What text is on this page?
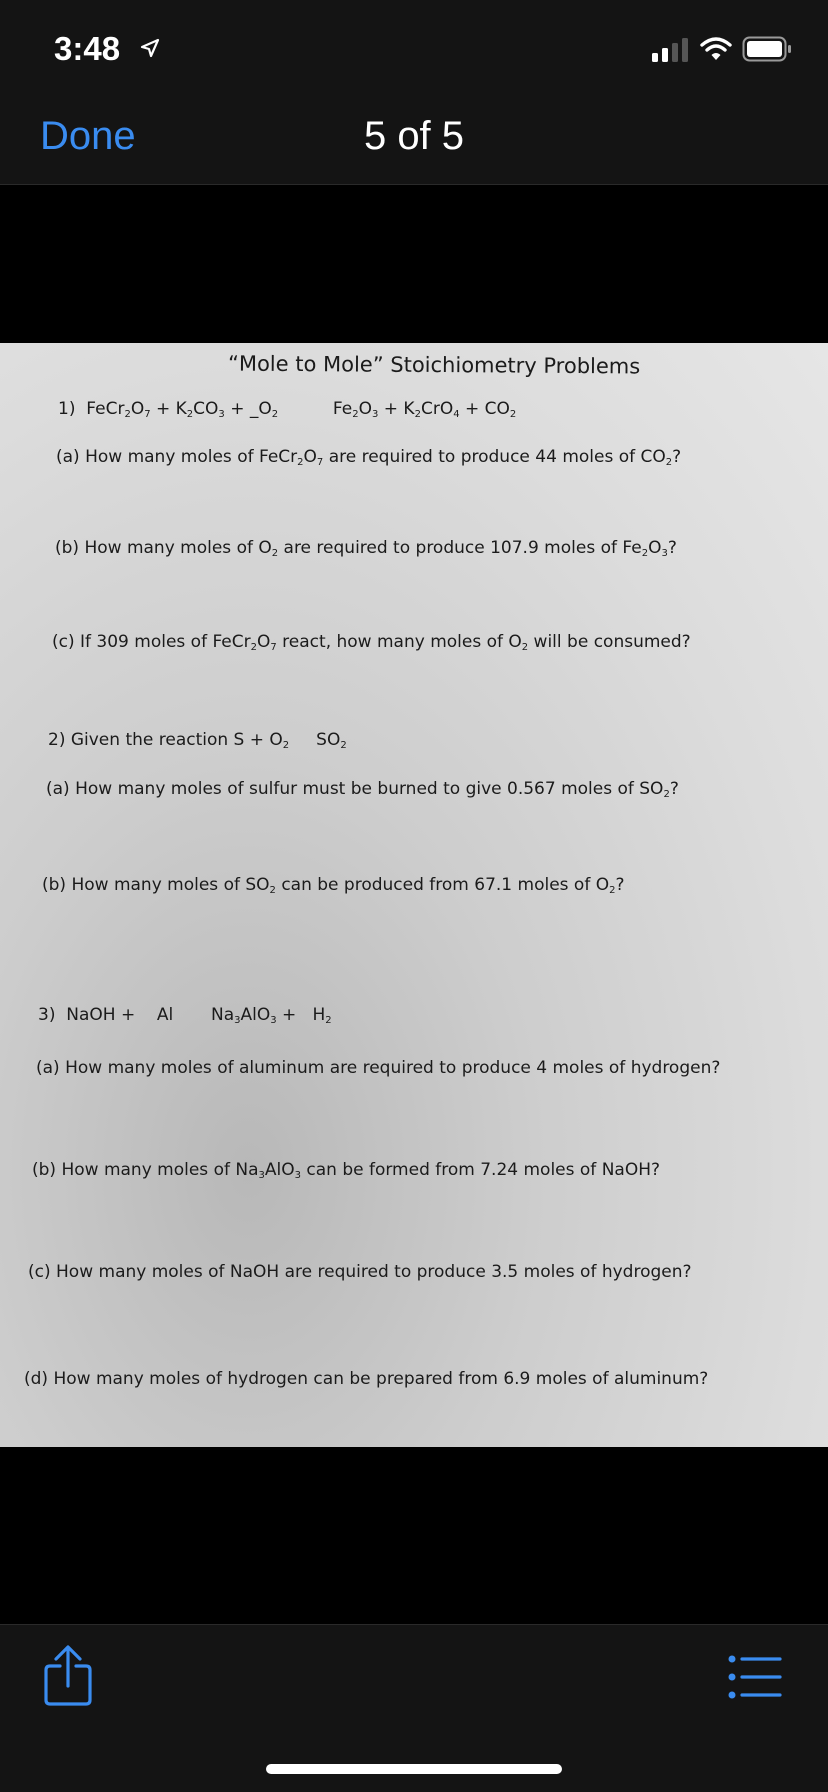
3:48
Done	5 of 5
“Mole to Mole” Stoichiometry Problems
1) $FeCr_2O_7 + K_2CO_3$ + $\_O_2$	$Fe_2O_3 + K_2CrO_4 + CO_2$
(a) How many moles of $FeCr_2O_7$ are required to produce 44 moles of $CO_2$?
(b) How many moles of $O_2$ are required to produce 107.9 moles of $Fe_2O_3$?
(c) If 309 moles of $FeCr_2O_7$ react, how many moles of $O_2$ will be consumed?
2) Given the reaction $S + O_2$     $SO_2$
(a) How many moles of sulfur must be burned to give 0.567 moles of $SO_2$?
(b) How many moles of $SO_2$ can be produced from 67.1 moles of $O_2$?
3)  NaOH +    Al       $Na_3AlO_3 + H_2$
(a) How many moles of aluminum are required to produce 4 moles of hydrogen?
(b) How many moles of $Na_3AlO_3$ can be formed from 7.24 moles of NaOH?
(c) How many moles of NaOH are required to produce 3.5 moles of hydrogen?
(d) How many moles of hydrogen can be prepared from 6.9 moles of aluminum?
